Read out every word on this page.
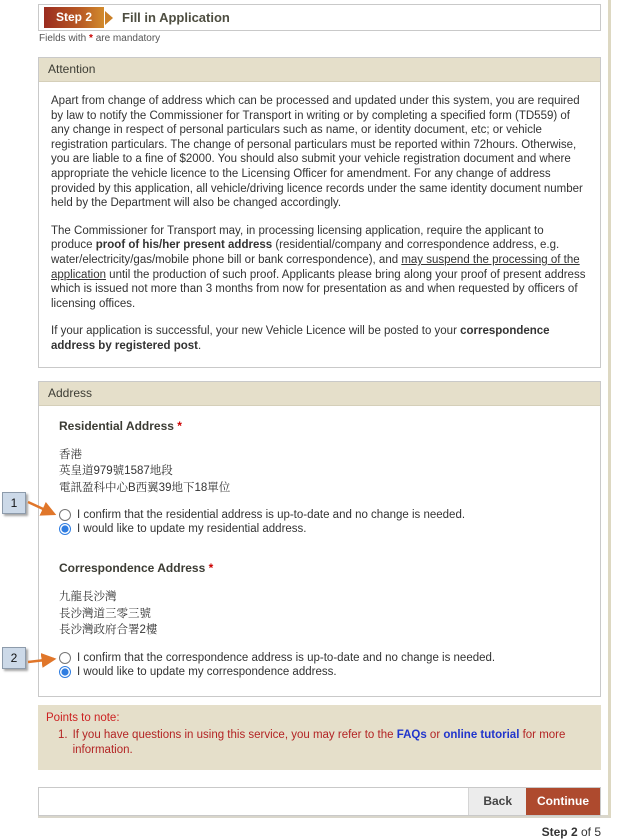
Step 2	Fill in Application
Fields with * are mandatory
Attention

Apart from change of address which can be processed and updated under this system, you are required by law to notify the Commissioner for Transport in writing or by completing a specified form (TD559) of any change in respect of personal particulars such as name, or identity document, etc; or vehicle registration particulars. The change of personal particulars must be reported within 72hours. Otherwise, you are liable to a fine of $2000. You should also submit your vehicle registration document and where appropriate the vehicle licence to the Licensing Officer for amendment. For any change of address provided by this application, all vehicle/driving licence records under the same identity document number held by the Department will also be changed accordingly.

The Commissioner for Transport may, in processing licensing application, require the applicant to produce proof of his/her present address (residential/company and correspondence address, e.g. water/electricity/gas/mobile phone bill or bank correspondence), and may suspend the processing of the application until the production of such proof. Applicants please bring along your proof of present address which is issued not more than 3 months from now for presentation as and when requested by officers of licensing offices.

If your application is successful, your new Vehicle Licence will be posted to your correspondence address by registered post.

Address
Residential Address *
香港
英皇道979號1587地段
電訊盈科中心B西翼39地下18單位
I confirm that the residential address is up-to-date and no change is needed.
I would like to update my residential address.
Correspondence Address *
九龍長沙灣
長沙灣道三零三號
長沙灣政府合署2樓
I confirm that the correspondence address is up-to-date and no change is needed.
I would like to update my correspondence address.
Points to note:
1. If you have questions in using this service, you may refer to the FAQs or online tutorial for more information.
Back	Continue
Step 2 of 5
1
2
